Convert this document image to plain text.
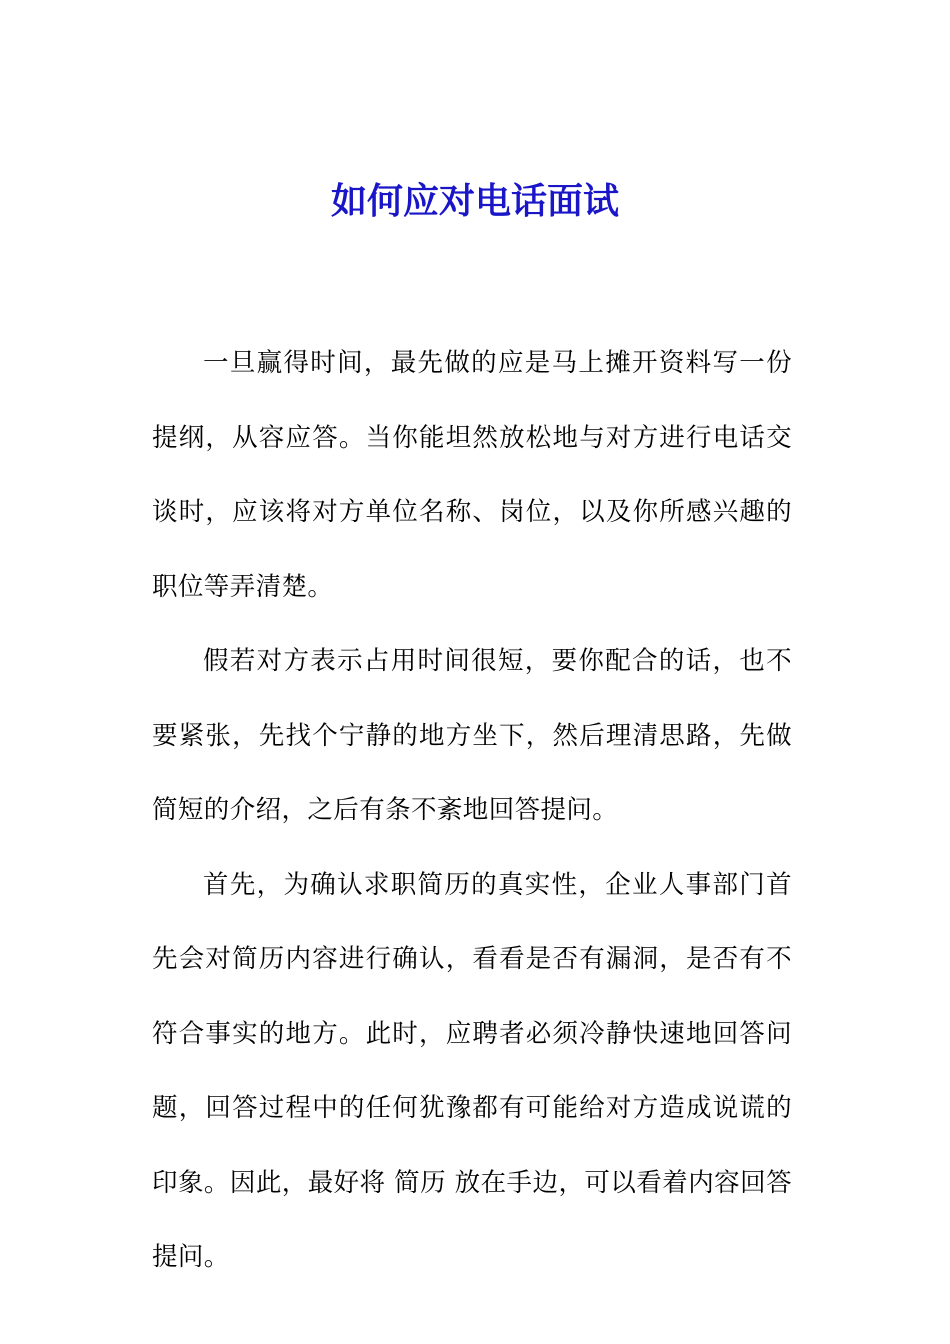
如何应对电话面试

一旦赢得时间，最先做的应是马上摊开资料写一份提纲，从容应答。当你能坦然放松地与对方进行电话交谈时，应该将对方单位名称、岗位，以及你所感兴趣的职位等弄清楚。

假若对方表示占用时间很短，要你配合的话，也不要紧张，先找个宁静的地方坐下，然后理清思路，先做简短的介绍，之后有条不紊地回答提问。

首先，为确认求职简历的真实性，企业人事部门首先会对简历内容进行确认，看看是否有漏洞，是否有不符合事实的地方。此时，应聘者必须冷静快速地回答问题，回答过程中的任何犹豫都有可能给对方造成说谎的印象。因此，最好将 简历 放在手边，可以看着内容回答提问。
